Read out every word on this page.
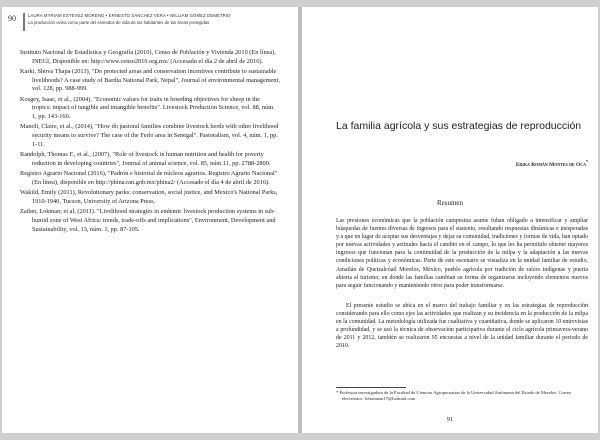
90	LAURA MYRIAM ESTÉVEZ MORENO • ERNESTO SÁNCHEZ VERA • WILLIAM GÓMEZ DEMETRIO
La producción ovina como parte del esmodos de vida de los habitantes de las áreas protegidas

Instituto Nacional de Estadística y Geografía (2010), Censo de Población y Vivienda 2010 (En línea), INEGI, Disponible en: http://www.censo2010.org.mx/ (Accesado el día 2 de abril de 2016).

Karki, Shova Thapa (2013), "Do protected areas and conservation incentives contribute to sustainable livelihoods? A case study of Bardia National Park, Nepal", Journal of environmental management, vol. 128, pp. 988-999.

Kosgey, Isaac, et al., (2004), "Economic values for traits in breeding objectives for sheep in the tropics: impact of tangible and intangible benefits". Livestock Production Science, vol. 88, núm. 1, pp. 143-160.

Manoli, Claire, et al., (2014), "How do pastoral families combine livestock herds with other livelihood security means to survive? The case of the Ferlo area in Senegal". Pastoralism, vol. 4, núm. 1, pp. 1-11.

Randolph, Thomas F., et al., (2007), "Role of livestock in human nutrition and health for poverty reduction in developing countries", Journal of animal science, vol. 85, núm.11, pp. 2788-2800.

Registro Agrario Nacional (2016), "Padrón e historial de núcleos agrarios. Registro Agrario Nacional" (En línea), disponible en http://phina.ran.gob.mx/phina2/ (Accesado el día 4 de abril de 2016).

Wakild, Emily (2011), Revolutionary parks: conservation, social justice, and Mexico's National Parks, 1910-1940, Tucson, University of Arizona Press.

Zaibet, Lokman; et al, (2011). "Livelihood strategies in endemic livestock production systems in sub-humid zone of West Africa: trends, trade-offs and implications", Environment, Development and Sustainability, vol. 13, núm. 1, pp. 87-105.

La familia agrícola y sus estrategias de reproducción
Erika Román Montes de Oca*
Resumen

Las presiones económicas que la población campesina asume fuban obligado a intensificar y ampliar búsquedas de fuentes diversas de ingresos para el sustento, resultando respuestas dinámicas e inesperadas y a que en lugar de aceptar sus desventajas y dejar su comunidad, tradiciones y formas de vida, han optado por nuevas actividades y actitudes hacia el cambio en el campo, lo que les ha permitido obtener mayores ingresos que funcionan para la continuidad de la producción de la milpa y la adaptación a las nuevas condiciones políticas y económicas. Parte de este escenario se visualiza en la unidad familiar de estudio, Amatlán de Quetzalcóatl Morelos, México, pueblo agrícola por tradición de raíces indígenas y puerta abierta al turismo; en donde las familias cambian su forma de organizarse incluyendo elementos nuevos para seguir funcionando y manteniendo otros para poder transformarse.

El presente estudio se ubica en el marco del trabajo familiar y en las estrategias de reproducción considerando para ello como ejes las actividades que realizan y su incidencia en la producción de la milpa en la comunidad. La metodología utilizada fue cualitativa y cuantitativa, donde se aplicaron 10 entrevistas a profundidad, y se usó la técnica de observación participativa durante el ciclo agrícola primavera-verano de 2011 y 2012, también se realizaron 95 encuestas a nivel de la unidad familiar durante el periodo de 2010.

* Profesora investigadora de la Facultad de Ciencias Agropecuarias de la Universidad Autónoma del Estado de Morelos. Correo electrónico: lolaroman17@hotmail.com

91
